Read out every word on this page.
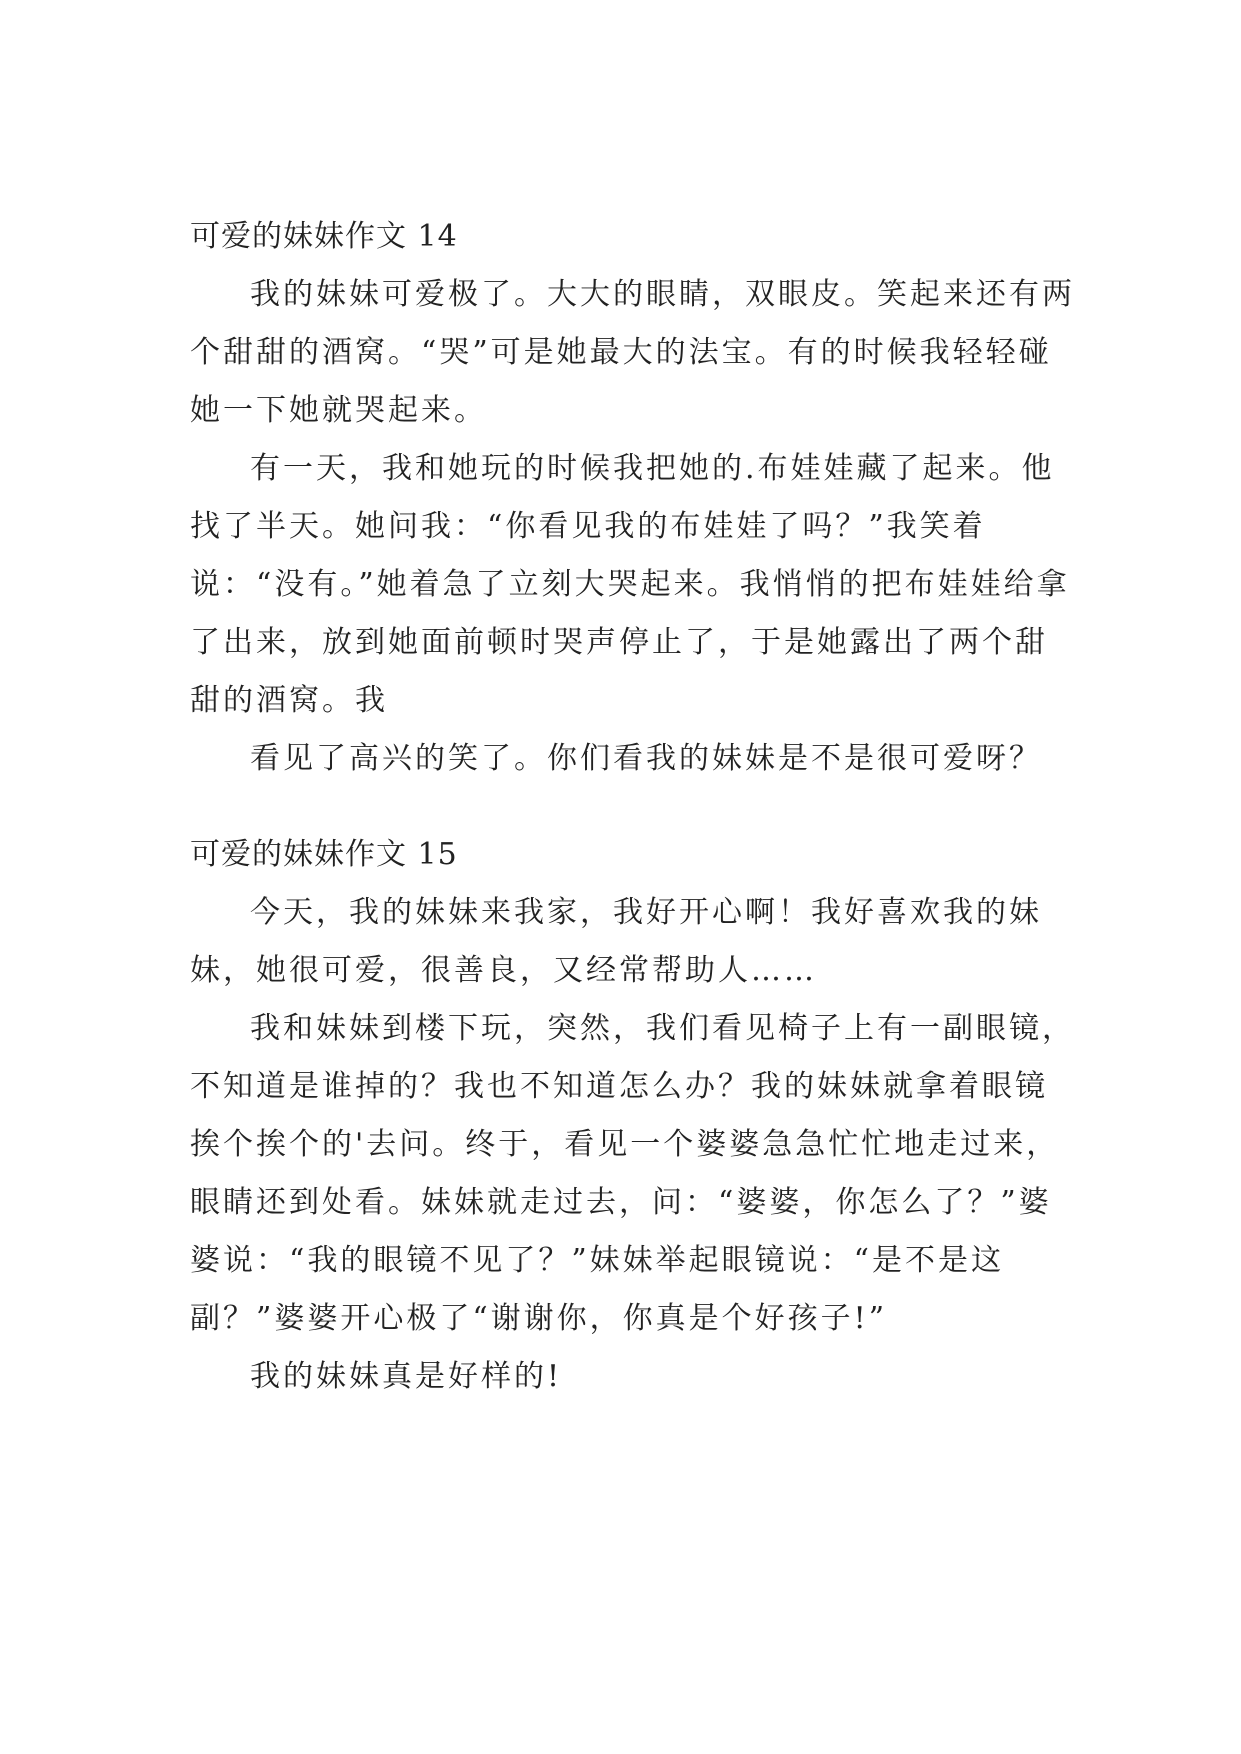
可爱的妹妹作文 14

我的妹妹可爱极了。大大的眼睛，双眼皮。笑起来还有两个甜甜的酒窝。“哭”可是她最大的法宝。有的时候我轻轻碰她一下她就哭起来。

有一天，我和她玩的时候我把她的.布娃娃藏了起来。他找了半天。她问我：“你看见我的布娃娃了吗？”我笑着说：“没有。”她着急了立刻大哭起来。我悄悄的把布娃娃给拿了出来，放到她面前顿时哭声停止了，于是她露出了两个甜甜的酒窝。我

看见了高兴的笑了。你们看我的妹妹是不是很可爱呀？

可爱的妹妹作文 15

今天，我的妹妹来我家，我好开心啊！我好喜欢我的妹妹，她很可爱，很善良，又经常帮助人……

我和妹妹到楼下玩，突然，我们看见椅子上有一副眼镜，不知道是谁掉的？我也不知道怎么办？我的妹妹就拿着眼镜挨个挨个的'去问。终于，看见一个婆婆急急忙忙地走过来，眼睛还到处看。妹妹就走过去，问：“婆婆，你怎么了？”婆婆说：“我的眼镜不见了？”妹妹举起眼镜说：“是不是这副？”婆婆开心极了“谢谢你，你真是个好孩子!”

我的妹妹真是好样的!
